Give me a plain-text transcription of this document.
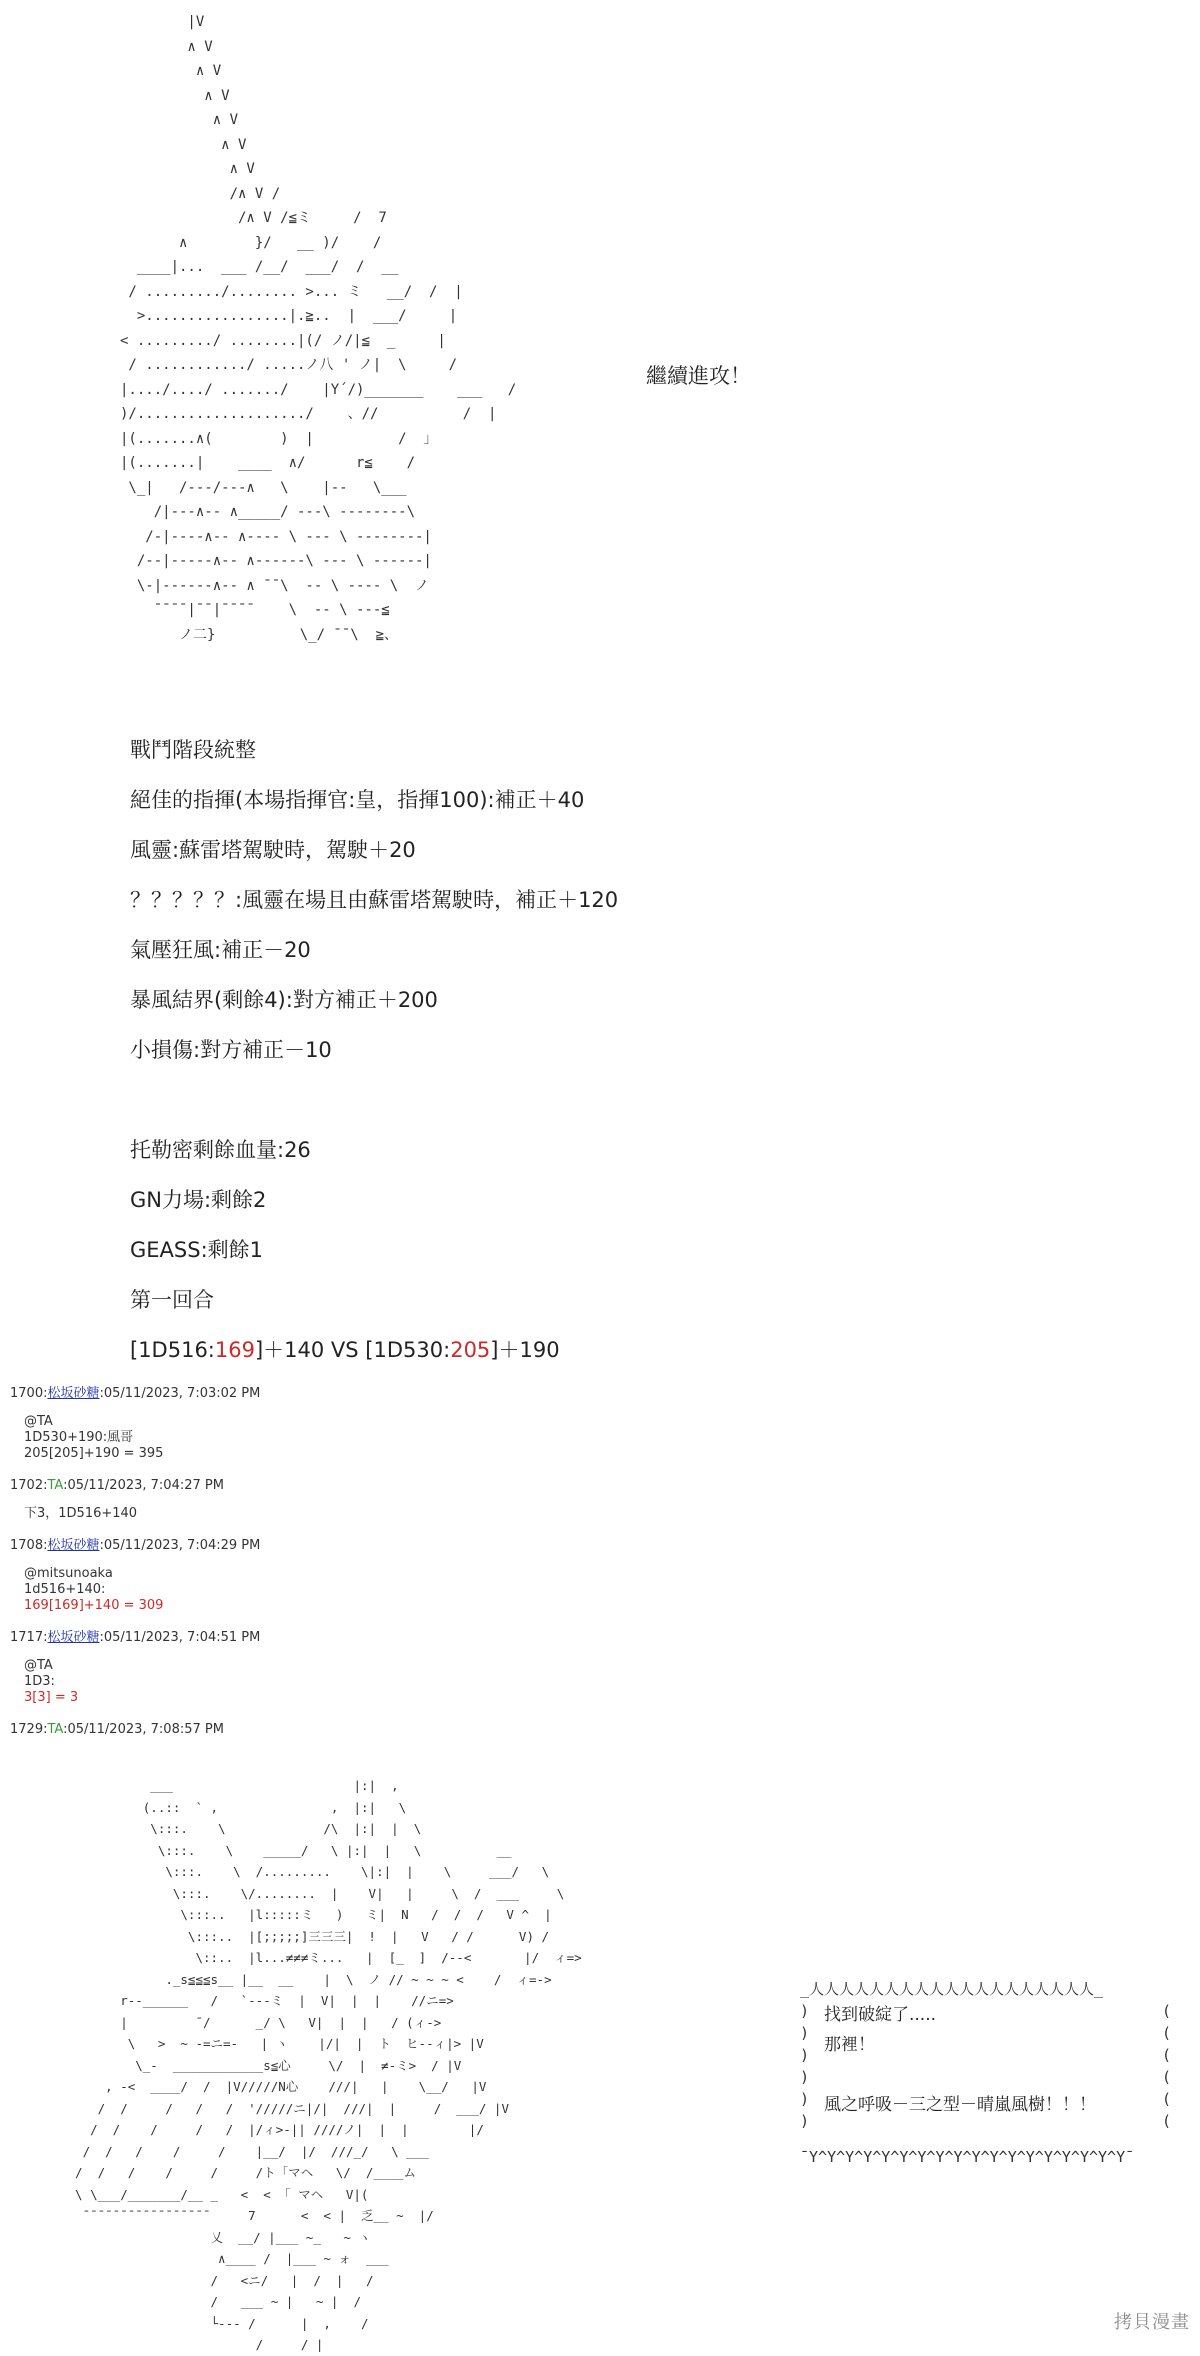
|V
∧ V
∧ V
∧ V
∧ V
∧ V
∧ V
/∧ V /
/∧ V /≦ミ     /  7
∧        }/   __ )/    /
____|...  ___ /__/  ___/  /  __
/ ........./........ >... ミ   __/  /  |
>.................|.≧..  |  ___/     |
< ........./ ........|(/ ノ/|≦  _     |
/ ............/ .....ノ八 ' ノ|  \     /
|..../..../ ......./    |Y´/)_______    ___   /
)/..................../    、//          /  |
|(.......∧(        )  |          /  」
|(.......|    ____  ∧/      r≦    /
\_|   /---/---∧   \    |--   \___
/|---∧-- ∧_____/ ---\ --------\
/-|----∧-- ∧---- \ --- \ --------|
/--|-----∧-- ∧------\ --- \ ------|
\-|------∧-- ∧ ¯¯\  -- \ ---- \  ノ
¯¯¯¯|¯¯|¯¯¯¯    \  -- \ ---≦
ノ二}          \_/ ¯¯\  ≧、

繼續進攻！

戰鬥階段統整
絕佳的指揮(本場指揮官:皇，指揮100):補正＋40
風靈:蘇雷塔駕駛時，駕駛＋20
？？？？？:風靈在場且由蘇雷塔駕駛時，補正＋120
氣壓狂風:補正－20
暴風結界(剩餘4):對方補正＋200
小損傷:對方補正－10
托勒密剩餘血量:26
GN力場:剩餘2
GEASS:剩餘1
第一回合
[1D516:169]＋140 VS [1D530:205]＋190
1700:松坂砂糖:05/11/2023, 7:03:02 PM
@TA
1D530+190:風哥
205[205]+190 = 395
1702:TA:05/11/2023, 7:04:27 PM
下3，1D516+140
1708:松坂砂糖:05/11/2023, 7:04:29 PM
@mitsunoaka
1d516+140:
169[169]+140 = 309
1717:松坂砂糖:05/11/2023, 7:04:51 PM
@TA
1D3:
3[3] = 3
1729:TA:05/11/2023, 7:08:57 PM
___                        |:|  ,
(..::  ` ,               ,  |:|   \
\:::.    \             /\  |:|  |  \
\:::.    \    _____/   \ |:|  |   \          __
\:::.    \  /.........    \|:|  |    \     ___/   \
\:::.    \/........  |    V|   |     \  /  ___     \
\:::..   |l:::::ミ   )   ミ|  N   /  /  /   V ^  |
\:::..  |[;;;;;]三三三|  !  |   V   / /      V) /
\::..  |l...≠≠≠ミ...   |  [_  ]  /--<       |/  ィ=>
._s≦≦≦s__ |__  __    |  \  ノ // ~ ~ ~ <    /  ィ=->
r--______   /   `---ミ  |  V|  |  |    //ニ=>
|         ¯/      _/ \   V|  |  |   / (ィ->
\   >  ~ -=ニ=-   | ヽ    |/|  |  ト  ヒ--ィ|> |V
\_-  ____________s≦心     \/  |  ≠-ミ>  / |V
, -<  ____/  /  |V/////N心    ///|   |    \__/   |V
/  /     /   /   /  '/////ニ|/|  ///|  |     /  ___/ |V
/  /    /     /   /  |/ィ>-|| ////ノ|  |  |        |/
/  /   /    /     /    |__/  |/  ///_/   \ ___
/  /   /    /     /     /ト「マヘ   \/  /____ム
\ \___/_______/__ _   <  < 「 マヘ   V|(
¯¯¯¯¯¯¯¯¯¯¯¯¯¯¯¯¯     7      <  < |  乏__ ~  |/
乂  __/ |___ ~_   ~ ヽ
∧____ /  |___ ~ ォ  ___
/   <ニ/   |  /  |   /
/   ___ ~ |   ~ |  /
└--- /      |  ,    /
/     / |
_人人人人人人人人人人人人人人人人人人人_
)
)
)
)
)
)
找到破綻了.....
那裡！
風之呼吸－三之型－晴嵐風樹！！！
(
(
(
(
(
(
¯Y^Y^Y^Y^Y^Y^Y^Y^Y^Y^Y^Y^Y^Y^Y^Y^Y^Y¯
拷貝漫畫
